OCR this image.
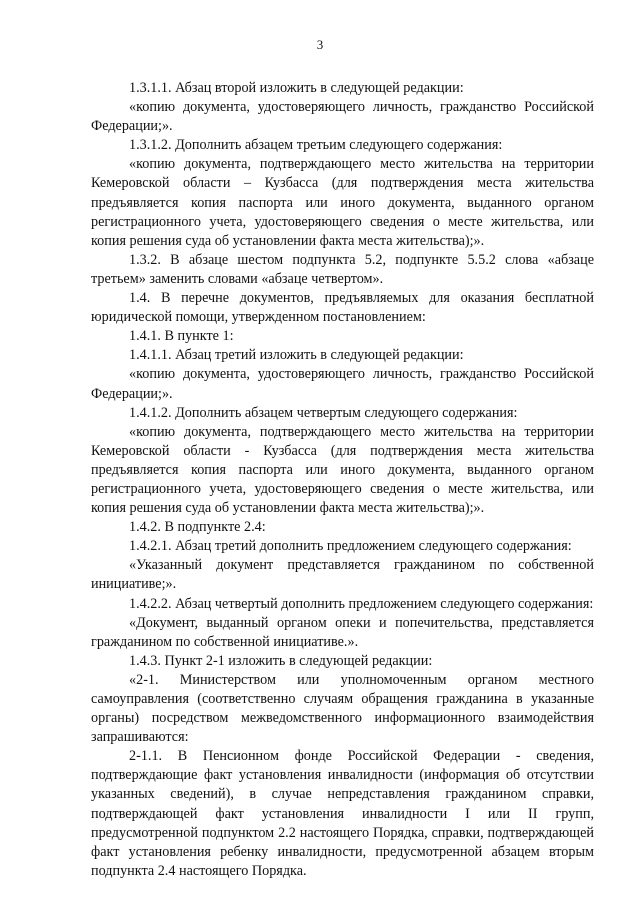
3

1.3.1.1. Абзац второй изложить в следующей редакции:

«копию документа, удостоверяющего личность, гражданство Российской Федерации;».

1.3.1.2. Дополнить абзацем третьим следующего содержания:

«копию документа, подтверждающего место жительства на территории Кемеровской области – Кузбасса (для подтверждения места жительства предъявляется копия паспорта или иного документа, выданного органом регистрационного учета, удостоверяющего сведения о месте жительства, или копия решения суда об установлении факта места жительства);».

1.3.2. В абзаце шестом подпункта 5.2, подпункте 5.5.2 слова «абзаце третьем» заменить словами «абзаце четвертом».

1.4. В перечне документов, предъявляемых для оказания бесплатной юридической помощи, утвержденном постановлением:

1.4.1. В пункте 1:

1.4.1.1. Абзац третий изложить в следующей редакции:

«копию документа, удостоверяющего личность, гражданство Российской Федерации;».

1.4.1.2. Дополнить абзацем четвертым следующего содержания:

«копию документа, подтверждающего место жительства на территории Кемеровской области - Кузбасса (для подтверждения места жительства предъявляется копия паспорта или иного документа, выданного органом регистрационного учета, удостоверяющего сведения о месте жительства, или копия решения суда об установлении факта места жительства);».

1.4.2. В подпункте 2.4:

1.4.2.1. Абзац третий дополнить предложением следующего содержания:

«Указанный документ представляется гражданином по собственной инициативе;».

1.4.2.2. Абзац четвертый дополнить предложением следующего содержания:

«Документ, выданный органом опеки и попечительства, представляется гражданином по собственной инициативе.».

1.4.3. Пункт 2-1 изложить в следующей редакции:

«2-1. Министерством или уполномоченным органом местного самоуправления (соответственно случаям обращения гражданина в указанные органы) посредством межведомственного информационного взаимодействия запрашиваются:

2-1.1. В Пенсионном фонде Российской Федерации - сведения, подтверждающие факт установления инвалидности (информация об отсутствии указанных сведений), в случае непредставления гражданином справки, подтверждающей факт установления инвалидности I или II групп, предусмотренной подпунктом 2.2 настоящего Порядка, справки, подтверждающей факт установления ребенку инвалидности, предусмотренной абзацем вторым подпункта 2.4 настоящего Порядка.
